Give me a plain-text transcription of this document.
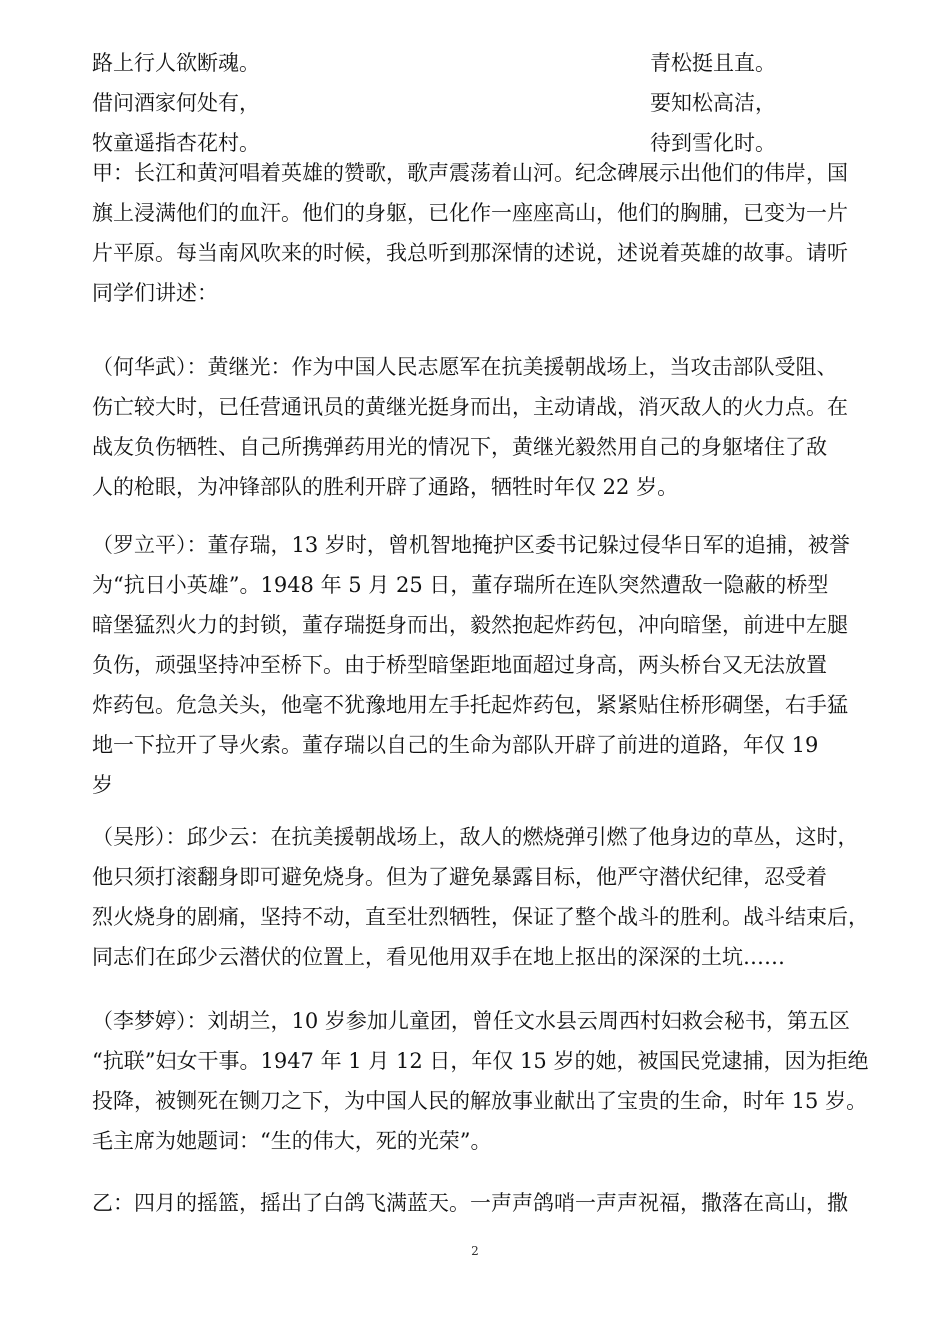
路上行人欲断魂。
借问酒家何处有，
牧童遥指杏花村。
青松挺且直。
要知松高洁，
待到雪化时。
甲：长江和黄河唱着英雄的赞歌，歌声震荡着山河。纪念碑展示出他们的伟岸，国
旗上浸满他们的血汗。他们的身躯，已化作一座座高山，他们的胸脯，已变为一片
片平原。每当南风吹来的时候，我总听到那深情的述说，述说着英雄的故事。请听
同学们讲述：
（何华武）：黄继光：作为中国人民志愿军在抗美援朝战场上，当攻击部队受阻、
伤亡较大时，已任营通讯员的黄继光挺身而出，主动请战，消灭敌人的火力点。在
战友负伤牺牲、自己所携弹药用光的情况下，黄继光毅然用自己的身躯堵住了敌
人的枪眼，为冲锋部队的胜利开辟了通路，牺牲时年仅 22 岁。
（罗立平）：董存瑞，13 岁时，曾机智地掩护区委书记躲过侵华日军的追捕，被誉
为“抗日小英雄”。1948 年 5 月 25 日，董存瑞所在连队突然遭敌一隐蔽的桥型
暗堡猛烈火力的封锁，董存瑞挺身而出，毅然抱起炸药包，冲向暗堡，前进中左腿
负伤，顽强坚持冲至桥下。由于桥型暗堡距地面超过身高，两头桥台又无法放置
炸药包。危急关头，他毫不犹豫地用左手托起炸药包，紧紧贴住桥形碉堡，右手猛
地一下拉开了导火索。董存瑞以自己的生命为部队开辟了前进的道路，年仅 19
岁
（吴彤）：邱少云：在抗美援朝战场上，敌人的燃烧弹引燃了他身边的草丛，这时，
他只须打滚翻身即可避免烧身。但为了避免暴露目标，他严守潜伏纪律，忍受着
烈火烧身的剧痛，坚持不动，直至壮烈牺牲，保证了整个战斗的胜利。战斗结束后，
同志们在邱少云潜伏的位置上，看见他用双手在地上抠出的深深的土坑……
（李梦婷）：刘胡兰，10 岁参加儿童团，曾任文水县云周西村妇救会秘书，第五区
“抗联”妇女干事。1947 年 1 月 12 日，年仅 15 岁的她，被国民党逮捕，因为拒绝
投降，被铡死在铡刀之下，为中国人民的解放事业献出了宝贵的生命，时年 15 岁。
毛主席为她题词：“生的伟大，死的光荣”。
乙：四月的摇篮，摇出了白鸽飞满蓝天。一声声鸽哨一声声祝福，撒落在高山，撒
2
